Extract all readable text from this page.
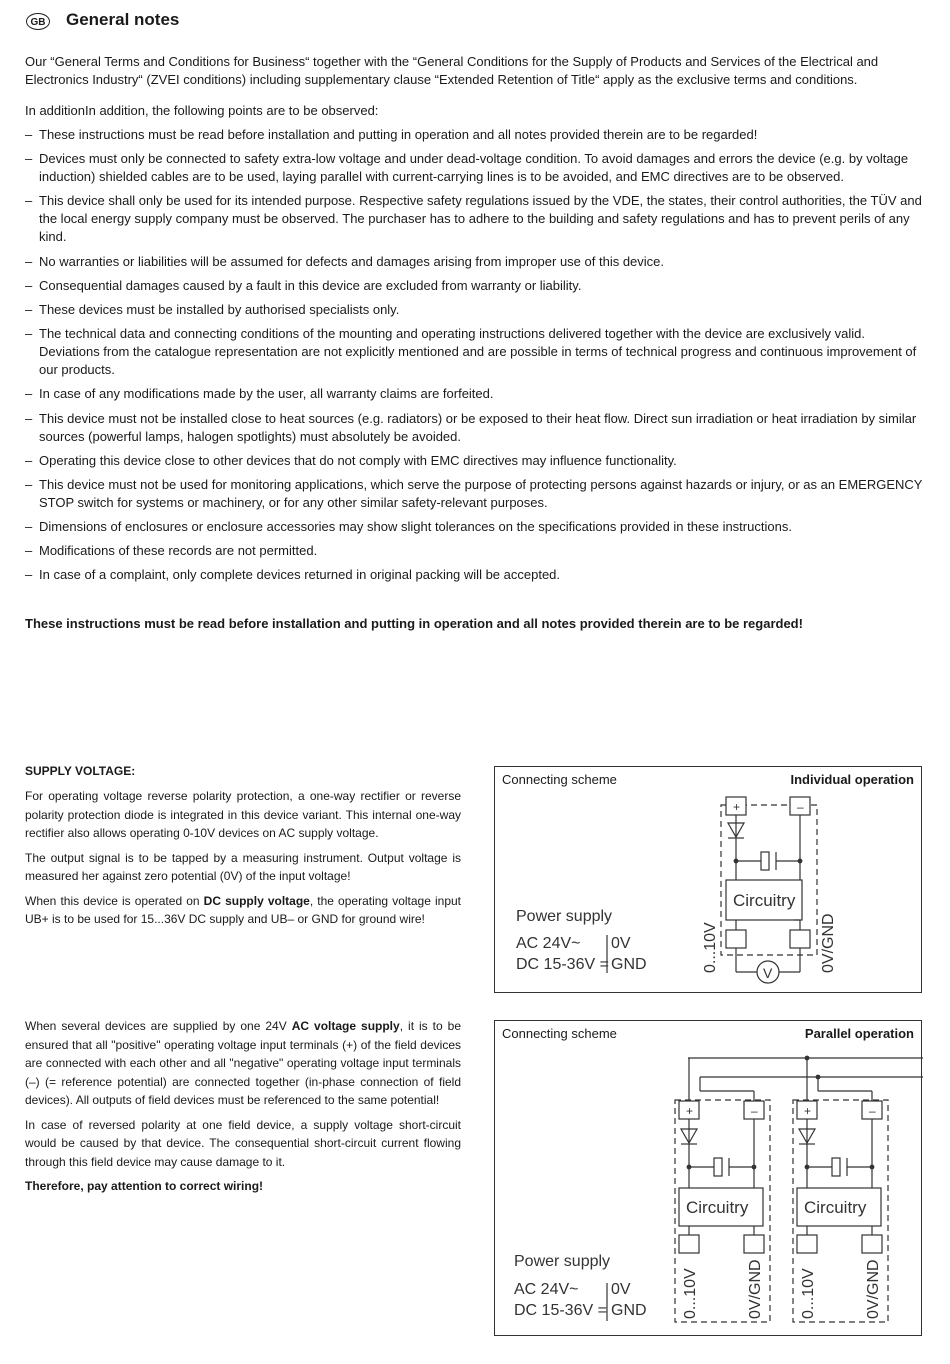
GB General notes
Our “General Terms and Conditions for Business“ together with the “General Conditions for the Supply of Products and Services of the Electrical and Electronics Industry“ (ZVEI conditions) including supplementary clause “Extended Retention of Title“ apply as the exclusive terms and conditions.
In additionIn addition, the following points are to be observed:
– These instructions must be read before installation and putting in operation and all notes provided therein are to be regarded!
– Devices must only be connected to safety extra-low voltage and under dead-voltage condition. To avoid damages and errors the device (e.g. by voltage induction) shielded cables are to be used, laying parallel with current-carrying lines is to be avoided, and EMC directives are to be observed.
– This device shall only be used for its intended purpose. Respective safety regulations issued by the VDE, the states, their control authorities, the TÜV and the local energy supply company must be observed. The purchaser has to adhere to the building and safety regulations and has to prevent perils of any kind.
– No warranties or liabilities will be assumed for defects and damages arising from improper use of this device.
– Consequential damages caused by a fault in this device are excluded from warranty or liability.
– These devices must be installed by authorised specialists only.
– The technical data and connecting conditions of the mounting and operating instructions delivered together with the device are exclusively valid. Deviations from the catalogue representation are not explicitly mentioned and are possible in terms of technical progress and continuous improvement of our products.
– In case of any modifications made by the user, all warranty claims are forfeited.
– This device must not be installed close to heat sources (e.g. radiators) or be exposed to their heat flow. Direct sun irradiation or heat irradiation by similar sources (powerful lamps, halogen spotlights) must absolutely be avoided.
– Operating this device close to other devices that do not comply with EMC directives may influence functionality.
– This device must not be used for monitoring applications, which serve the purpose of protecting persons against hazards or injury, or as an EMERGENCY STOP switch for systems or machinery, or for any other similar safety-relevant purposes.
– Dimensions of enclosures or enclosure accessories may show slight tolerances on the specifications provided in these instructions.
– Modifications of these records are not permitted.
– In case of a complaint, only complete devices returned in original packing will be accepted.
These instructions must be read before installation and putting in operation and all notes provided therein are to be regarded!
SUPPLY VOLTAGE:

For operating voltage reverse polarity protection, a one-way rectifier or reverse polarity protection diode is integrated in this device variant. This internal one-way rectifier also allows operating 0-10V devices on AC supply voltage.

The output signal is to be tapped by a measuring instrument. Output voltage is measured her against zero potential (0V) of the input voltage!

When this device is operated on DC supply voltage, the operating voltage input UB+ is to be used for 15...36V DC supply and UB– or GND for ground wire!

When several devices are supplied by one 24V AC voltage supply, it is to be ensured that all "positive" operating voltage input terminals (+) of the field devices are connected with each other and all "negative" operating voltage input terminals (–) (= reference potential) are connected together (in-phase connection of field devices). All outputs of field devices must be referenced to the same potential!

In case of reversed polarity at one field device, a supply voltage short-circuit would be caused by that device. The consequential short-circuit current flowing through this field device may cause damage to it.

Therefore, pay attention to correct wiring!

+	–
Circuitry
V
0...10V	0V/GND
Connecting scheme	Individual operation
Power supply
AC 24V~ 0V
DC 15-36V = GND
+	–	+	–
Circuitry	Circuitry
0...10V	0V/GND 0...10V	0V/GND
Connecting scheme	Parallel operation
Power supply
AC 24V~ 0V
DC 15-36V = GND
